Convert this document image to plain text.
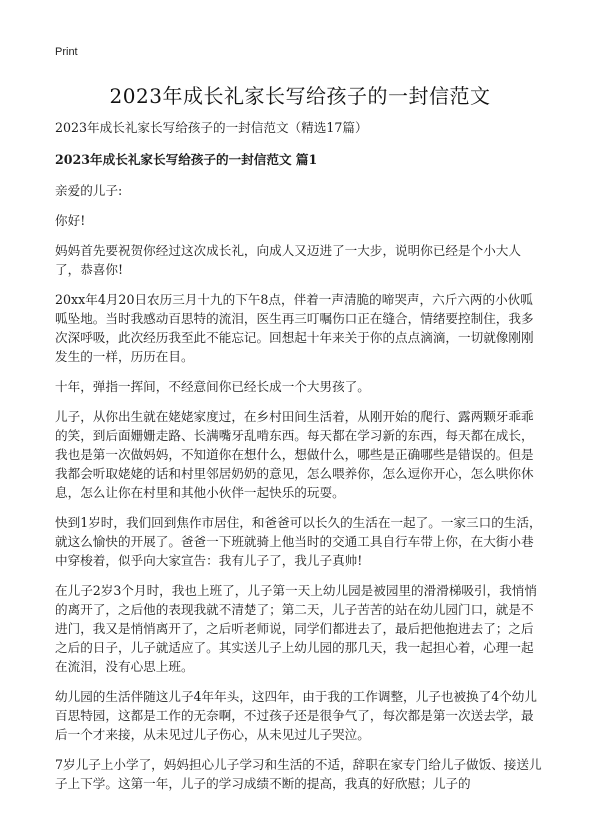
Print
2023年成长礼家长写给孩子的一封信范文

2023年成长礼家长写给孩子的一封信范文（精选17篇）

2023年成长礼家长写给孩子的一封信范文 篇1

亲爱的儿子:

你好!

妈妈首先要祝贺你经过这次成长礼，向成人又迈进了一大步，说明你已经是个小大人了，恭喜你!

20xx年4月20日农历三月十九的下午8点，伴着一声清脆的啼哭声，六斤六两的小伙呱呱坠地。当时我感动百思特的流泪，医生再三叮嘱伤口正在缝合，情绪要控制住，我多次深呼吸，此次经历我至此不能忘记。回想起十年来关于你的点点滴滴，一切就像刚刚发生的一样，历历在目。

十年，弹指一挥间，不经意间你已经长成一个大男孩了。

儿子，从你出生就在姥姥家度过，在乡村田间生活着，从刚开始的爬行、露两颗牙乖乖的笑，到后面姗姗走路、长满嘴牙乱啃东西。每天都在学习新的东西，每天都在成长，我也是第一次做妈妈，不知道你在想什么，想做什么，哪些是正确哪些是错误的。但是我都会听取姥姥的话和村里邻居奶奶的意见，怎么喂养你，怎么逗你开心，怎么哄你休息，怎么让你在村里和其他小伙伴一起快乐的玩耍。

快到1岁时，我们回到焦作市居住，和爸爸可以长久的生活在一起了。一家三口的生活，就这么愉快的开展了。爸爸一下班就骑上他当时的交通工具自行车带上你，在大街小巷中穿梭着，似乎向大家宣告：我有儿子了，我儿子真帅!

在儿子2岁3个月时，我也上班了，儿子第一天上幼儿园是被园里的滑滑梯吸引，我悄悄的离开了，之后他的表现我就不清楚了；第二天，儿子苦苦的站在幼儿园门口，就是不进门，我又是悄悄离开了，之后听老师说，同学们都进去了，最后把他抱进去了；之后之后的日子，儿子就适应了。其实送儿子上幼儿园的那几天，我一起担心着，心理一起在流泪，没有心思上班。

幼儿园的生活伴随这儿子4年年头，这四年，由于我的工作调整，儿子也被换了4个幼儿百思特园，这都是工作的无奈啊，不过孩子还是很争气了，每次都是第一次送去学，最后一个才来接，从未见过儿子伤心，从未见过儿子哭泣。

7岁儿子上小学了，妈妈担心儿子学习和生活的不适，辞职在家专门给儿子做饭、接送儿子上下学。这第一年，儿子的学习成绩不断的提高，我真的好欣慰；儿子的
